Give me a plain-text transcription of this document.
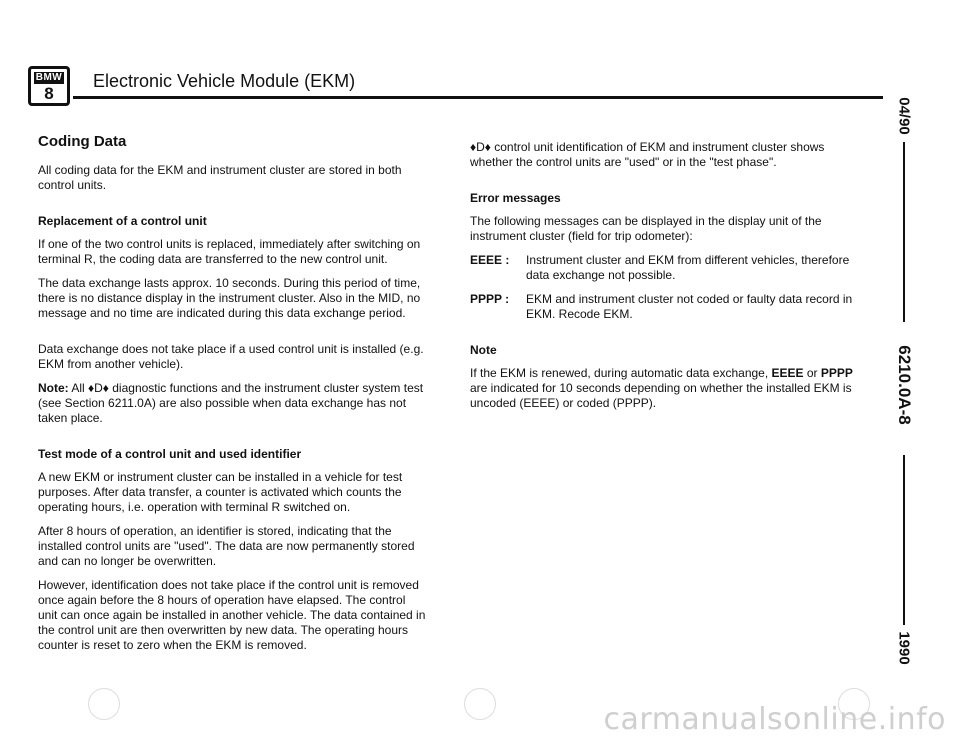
BMW
8
Electronic Vehicle Module (EKM)
04/90
6210.0A-8
1990
Coding Data

All coding data for the EKM and instrument cluster are stored in both control units.

Replacement of a control unit

If one of the two control units is replaced, immediately after switching on terminal R, the coding data are transferred to the new control unit.

The data exchange lasts approx. 10 seconds. During this period of time, there is no distance display in the instrument cluster. Also in the MID, no message and no time are indicated during this data exchange period.

Data exchange does not take place if a used control unit is installed (e.g. EKM from another vehicle).

Note: All ♦D♦ diagnostic functions and the instrument cluster system test (see Section 6211.0A) are also possible when data exchange has not taken place.

Test mode of a control unit and used identifier

A new EKM or instrument cluster can be installed in a vehicle for test purposes. After data transfer, a counter is activated which counts the operating hours, i.e. operation with terminal R switched on.

After 8 hours of operation, an identifier is stored, indicating that the installed control units are "used". The data are now permanently stored and can no longer be overwritten.

However, identification does not take place if the control unit is removed once again before the 8 hours of operation have elapsed. The control unit can once again be installed in another vehicle. The data contained in the control unit are then overwritten by new data. The operating hours counter is reset to zero when the EKM is removed.

♦D♦ control unit identification of EKM and instrument cluster shows whether the control units are "used" or in the "test phase".

Error messages

The following messages can be displayed in the display unit of the instrument cluster (field for trip odometer):

EEEE :	Instrument cluster and EKM from different vehicles, therefore data exchange not possible.
PPPP :	EKM and instrument cluster not coded or faulty data record in EKM. Recode EKM.
Note

If the EKM is renewed, during automatic data exchange, EEEE or PPPP are indicated for 10 seconds depending on whether the installed EKM is uncoded (EEEE) or coded (PPPP).

carmanualsonline.info
